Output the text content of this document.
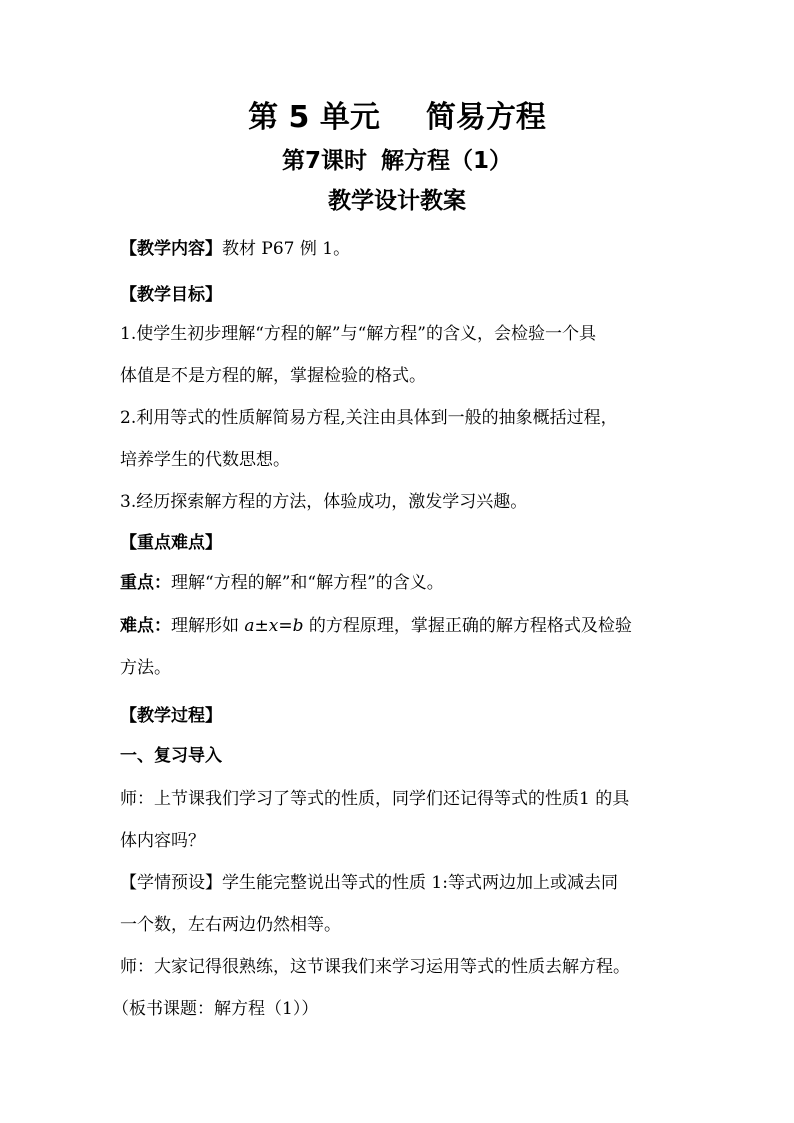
第 5 单元 简易方程
第7课时 解方程（1）
教学设计教案
【教学内容】教材 P67 例 1。
【教学目标】
1.使学生初步理解“方程的解”与“解方程”的含义，会检验一个具
体值是不是方程的解，掌握检验的格式。
2.利用等式的性质解简易方程,关注由具体到一般的抽象概括过程，
培养学生的代数思想。
3.经历探索解方程的方法，体验成功，激发学习兴趣。
【重点难点】
重点：理解“方程的解”和“解方程”的含义。
难点：理解形如 a±x=b 的方程原理，掌握正确的解方程格式及检验
方法。
【教学过程】
一、复习导入
师：上节课我们学习了等式的性质，同学们还记得等式的性质1 的具
体内容吗？
【学情预设】学生能完整说出等式的性质 1:等式两边加上或减去同
一个数，左右两边仍然相等。
师：大家记得很熟练，这节课我们来学习运用等式的性质去解方程。
（板书课题：解方程（1））
